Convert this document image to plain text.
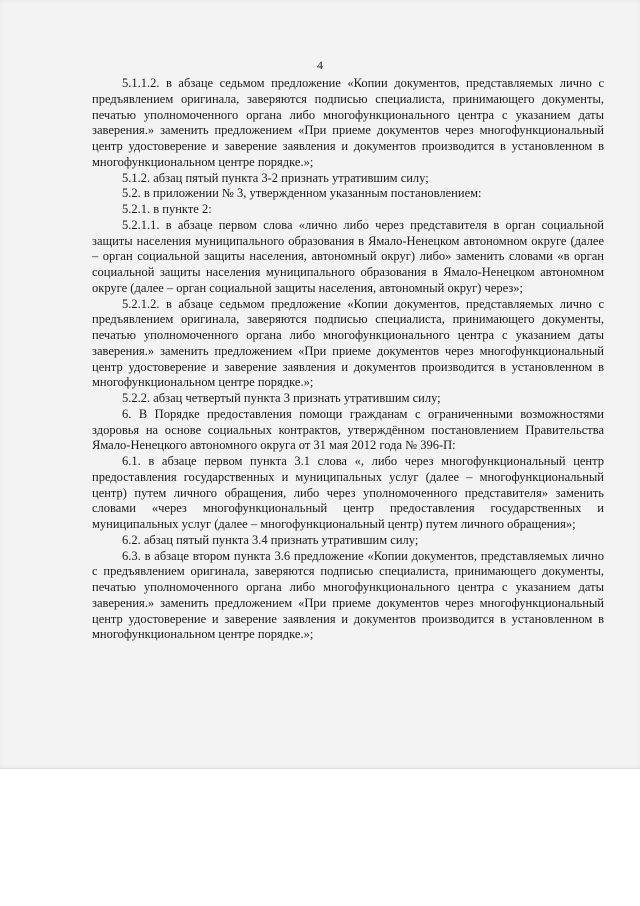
4

5.1.1.2. в абзаце седьмом предложение «Копии документов, представляемых лично с предъявлением оригинала, заверяются подписью специалиста, принимающего документы, печатью уполномоченного органа либо многофункционального центра с указанием даты заверения.» заменить предложением «При приеме документов через многофункциональный центр удостоверение и заверение заявления и документов производится в установленном в многофункциональном центре порядке.»;

5.1.2. абзац пятый пункта 3-2 признать утратившим силу;

5.2. в приложении № 3, утвержденном указанным постановлением:

5.2.1. в пункте 2:

5.2.1.1. в абзаце первом слова «лично либо через представителя в орган социальной защиты населения муниципального образования в Ямало-Ненецком автономном округе (далее – орган социальной защиты населения, автономный округ) либо» заменить словами «в орган социальной защиты населения муниципального образования в Ямало-Ненецком автономном округе (далее – орган социальной защиты населения, автономный округ) через»;

5.2.1.2. в абзаце седьмом предложение «Копии документов, представляемых лично с предъявлением оригинала, заверяются подписью специалиста, принимающего документы, печатью уполномоченного органа либо многофункционального центра с указанием даты заверения.» заменить предложением «При приеме документов через многофункциональный центр удостоверение и заверение заявления и документов производится в установленном в многофункциональном центре порядке.»;

5.2.2. абзац четвертый пункта 3 признать утратившим силу;

6. В Порядке предоставления помощи гражданам с ограниченными возможностями здоровья на основе социальных контрактов, утверждённом постановлением Правительства Ямало-Ненецкого автономного округа от 31 мая 2012 года № 396-П:

6.1. в абзаце первом пункта 3.1 слова «, либо через многофункциональный центр предоставления государственных и муниципальных услуг (далее – многофункциональный центр) путем личного обращения, либо через уполномоченного представителя» заменить словами «через многофункциональный центр предоставления государственных и муниципальных услуг (далее – многофункциональный центр) путем личного обращения»;

6.2. абзац пятый пункта 3.4 признать утратившим силу;

6.3. в абзаце втором пункта 3.6 предложение «Копии документов, представляемых лично с предъявлением оригинала, заверяются подписью специалиста, принимающего документы, печатью уполномоченного органа либо многофункционального центра с указанием даты заверения.» заменить предложением «При приеме документов через многофункциональный центр удостоверение и заверение заявления и документов производится в установленном в многофункциональном центре порядке.»;
